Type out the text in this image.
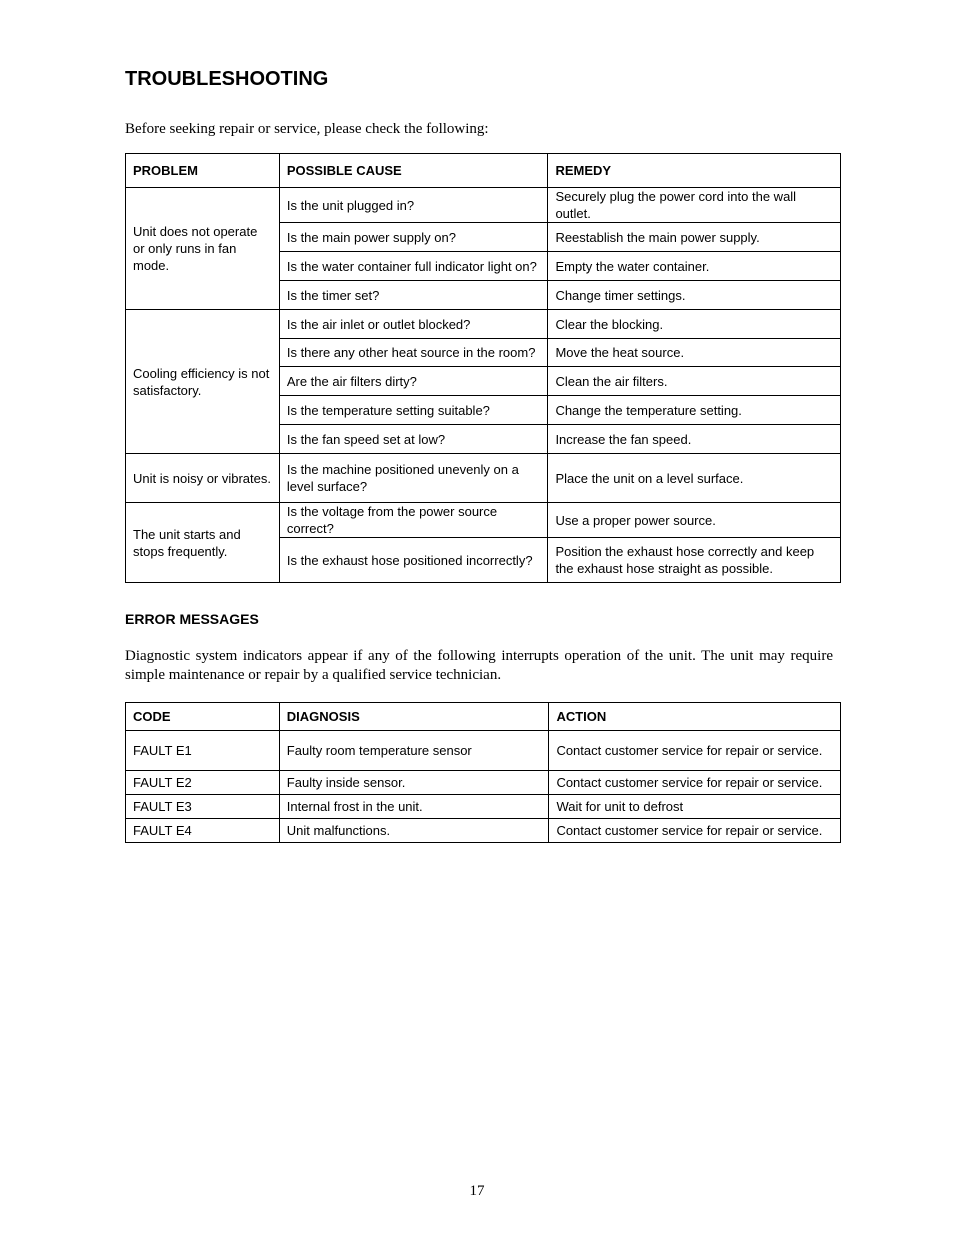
TROUBLESHOOTING

Before seeking repair or service, please check the following:

PROBLEM	POSSIBLE CAUSE	REMEDY
Unit does not operate or only runs in fan mode.	Is the unit plugged in?	Securely plug the power cord into the wall outlet.
	Is the main power supply on?	Reestablish the main power supply.
	Is the water container full indicator light on?	Empty the water container.
	Is the timer set?	Change timer settings.
Cooling efficiency is not satisfactory.	Is the air inlet or outlet blocked?	Clear the blocking.
	Is there any other heat source in the room?	Move the heat source.
	Are the air filters dirty?	Clean the air filters.
	Is the temperature setting suitable?	Change the temperature setting.
	Is the fan speed set at low?	Increase the fan speed.
Unit is noisy or vibrates.	Is the machine positioned unevenly on a level surface?	Place the unit on a level surface.
The unit starts and stops frequently.	Is the voltage from the power source correct?	Use a proper power source.
	Is the exhaust hose positioned incorrectly?	Position the exhaust hose correctly and keep the exhaust hose straight as possible.
ERROR MESSAGES

Diagnostic system indicators appear if any of the following interrupts operation of the unit. The unit may require simple maintenance or repair by a qualified service technician.

CODE	DIAGNOSIS	ACTION
FAULT E1	Faulty room temperature sensor	Contact customer service for repair or service.
FAULT E2	Faulty inside sensor.	Contact customer service for repair or service.
FAULT E3	Internal frost in the unit.	Wait for unit to defrost
FAULT E4	Unit malfunctions.	Contact customer service for repair or service.

17
